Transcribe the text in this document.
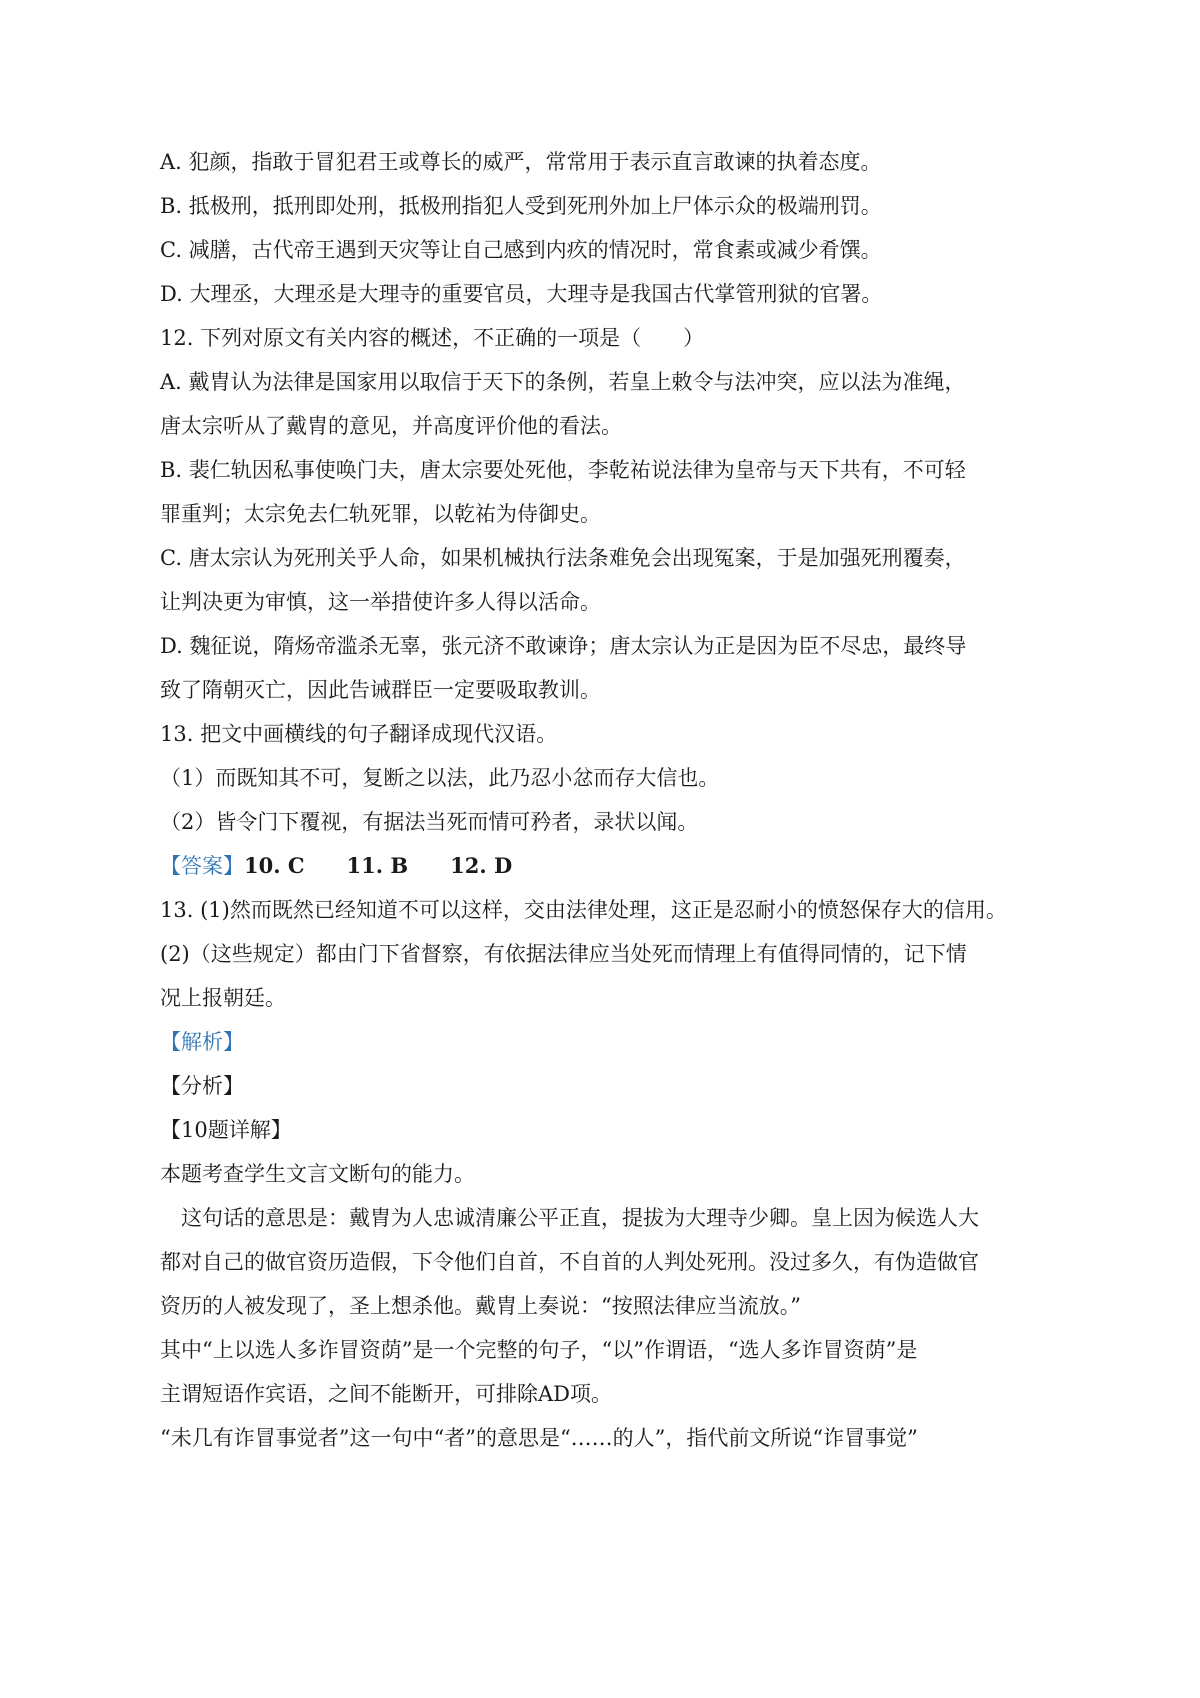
A. 犯颜，指敢于冒犯君王或尊长的威严，常常用于表示直言敢谏的执着态度。

B. 抵极刑，抵刑即处刑，抵极刑指犯人受到死刑外加上尸体示众的极端刑罚。

C. 减膳，古代帝王遇到天灾等让自己感到内疚的情况时，常食素或减少肴馔。

D. 大理丞，大理丞是大理寺的重要官员，大理寺是我国古代掌管刑狱的官署。

12. 下列对原文有关内容的概述，不正确的一项是（　　）

A. 戴胄认为法律是国家用以取信于天下的条例，若皇上敕令与法冲突，应以法为准绳，

唐太宗听从了戴胄的意见，并高度评价他的看法。

B. 裴仁轨因私事使唤门夫，唐太宗要处死他，李乾祐说法律为皇帝与天下共有，不可轻

罪重判；太宗免去仁轨死罪，以乾祐为侍御史。

C. 唐太宗认为死刑关乎人命，如果机械执行法条难免会出现冤案，于是加强死刑覆奏，

让判决更为审慎，这一举措使许多人得以活命。

D. 魏征说，隋炀帝滥杀无辜，张元济不敢谏诤；唐太宗认为正是因为臣不尽忠，最终导

致了隋朝灭亡，因此告诫群臣一定要吸取教训。

13. 把文中画横线的句子翻译成现代汉语。

（1）而既知其不可，复断之以法，此乃忍小忿而存大信也。

（2）皆令门下覆视，有据法当死而情可矜者，录状以闻。

【答案】10. C　　11. B　　12. D

13. (1)然而既然已经知道不可以这样，交由法律处理，这正是忍耐小的愤怒保存大的信用。

(2)（这些规定）都由门下省督察，有依据法律应当处死而情理上有值得同情的，记下情

况上报朝廷。

【解析】

【分析】

【10题详解】

本题考查学生文言文断句的能力。

　这句话的意思是：戴胄为人忠诚清廉公平正直，提拔为大理寺少卿。皇上因为候选人大

都对自己的做官资历造假，下令他们自首，不自首的人判处死刑。没过多久，有伪造做官

资历的人被发现了，圣上想杀他。戴胄上奏说：“按照法律应当流放。”

其中“上以选人多诈冒资荫”是一个完整的句子，“以”作谓语，“选人多诈冒资荫”是

主谓短语作宾语，之间不能断开，可排除AD项。

“未几有诈冒事觉者”这一句中“者”的意思是“……的人”，指代前文所说“诈冒事觉”
